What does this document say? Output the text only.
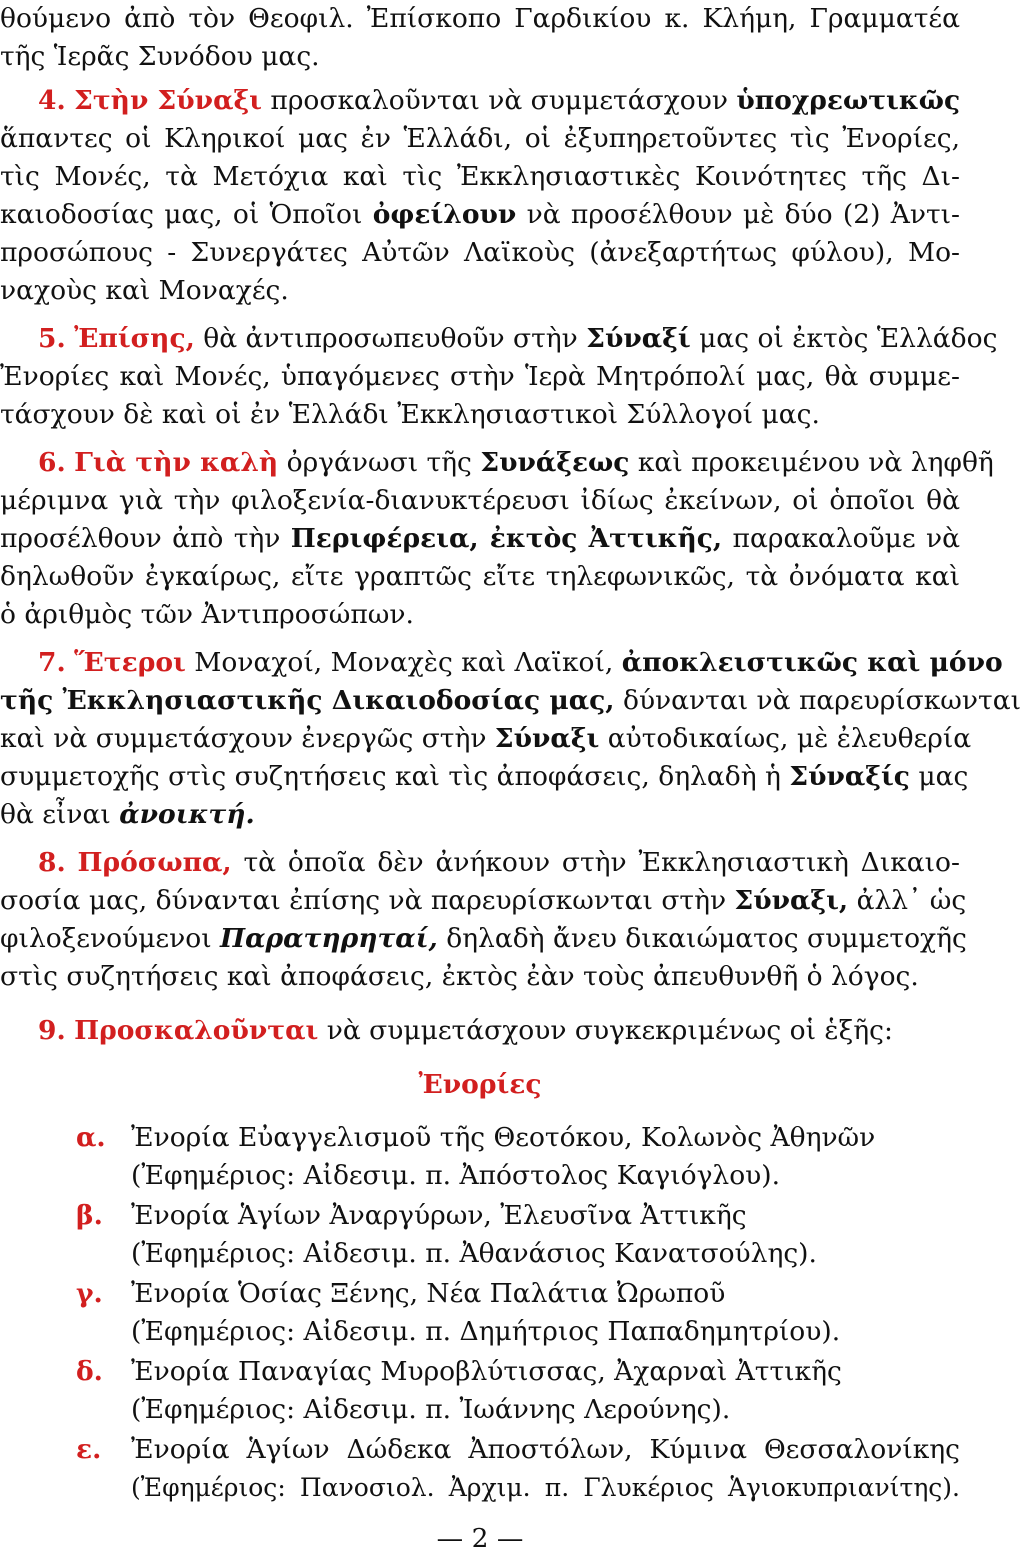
θούμενο ἀπὸ τὸν Θεοφιλ. Ἐπίσκοπο Γαρδικίου κ. Κλήμη, Γραμματέα
τῆς Ἱερᾶς Συνόδου μας.
4. Στὴν Σύναξι προσκαλοῦνται νὰ συμμετάσχουν ὑποχρεωτικῶς
ἅπαντες οἱ Κληρικοί μας ἐν Ἑλλάδι, οἱ ἐξυπηρετοῦντες τὶς Ἐνορίες,
τὶς Μονές, τὰ Μετόχια καὶ τὶς Ἐκκλησιαστικὲς Κοινότητες τῆς Δι-
καιοδοσίας μας, οἱ Ὁποῖοι ὀφείλουν νὰ προσέλθουν μὲ δύο (2) Ἀντι-
προσώπους - Συνεργάτες Αὐτῶν Λαϊκοὺς (ἀνεξαρτήτως φύλου), Μο-
ναχοὺς καὶ Μοναχές.
5. Ἐπίσης, θὰ ἀντιπροσωπευθοῦν στὴν Σύναξί μας οἱ ἐκτὸς Ἑλλάδος
Ἐνορίες καὶ Μονές, ὑπαγόμενες στὴν Ἱερὰ Μητρόπολί μας, θὰ συμμε-
τάσχουν δὲ καὶ οἱ ἐν Ἑλλάδι Ἐκκλησιαστικοὶ Σύλλογοί μας.
6. Γιὰ τὴν καλὴ ὀργάνωσι τῆς Συνάξεως καὶ προκειμένου νὰ ληφθῆ
μέριμνα γιὰ τὴν φιλοξενία-διανυκτέρευσι ἰδίως ἐκείνων, οἱ ὁποῖοι θὰ
προσέλθουν ἀπὸ τὴν Περιφέρεια, ἐκτὸς Ἀττικῆς, παρακαλοῦμε νὰ
δηλωθοῦν ἐγκαίρως, εἴτε γραπτῶς εἴτε τηλεφωνικῶς, τὰ ὀνόματα καὶ
ὁ ἀριθμὸς τῶν Ἀντιπροσώπων.
7. Ἕτεροι Μοναχοί, Μοναχὲς καὶ Λαϊκοί, ἀποκλειστικῶς καὶ μόνο
τῆς Ἐκκλησιαστικῆς Δικαιοδοσίας μας, δύνανται νὰ παρευρίσκωνται
καὶ νὰ συμμετάσχουν ἐνεργῶς στὴν Σύναξι αὐτοδικαίως, μὲ ἐλευθερία
συμμετοχῆς στὶς συζητήσεις καὶ τὶς ἀποφάσεις, δηλαδὴ ἡ Σύναξίς μας
θὰ εἶναι ἀνοικτή.
8. Πρόσωπα, τὰ ὁποῖα δὲν ἀνήκουν στὴν Ἐκκλησιαστικὴ Δικαιο-
σοσία μας, δύνανται ἐπίσης νὰ παρευρίσκωνται στὴν Σύναξι, ἀλλ᾽ ὡς
φιλοξενούμενοι Παρατηρηταί, δηλαδὴ ἄνευ δικαιώματος συμμετοχῆς
στὶς συζητήσεις καὶ ἀποφάσεις, ἐκτὸς ἐὰν τοὺς ἀπευθυνθῆ ὁ λόγος.
9. Προσκαλοῦνται νὰ συμμετάσχουν συγκεκριμένως οἱ ἑξῆς:
Ἐνορίες
α. Ἐνορία Εὐαγγελισμοῦ τῆς Θεοτόκου, Κολωνὸς Ἀθηνῶν
(Ἐφημέριος: Αἰδεσιμ. π. Ἀπόστολος Καγιόγλου).
β. Ἐνορία Ἁγίων Ἀναργύρων, Ἐλευσῖνα Ἀττικῆς
(Ἐφημέριος: Αἰδεσιμ. π. Ἀθανάσιος Κανατσούλης).
γ. Ἐνορία Ὁσίας Ξένης, Νέα Παλάτια Ὠρωποῦ
(Ἐφημέριος: Αἰδεσιμ. π. Δημήτριος Παπαδημητρίου).
δ. Ἐνορία Παναγίας Μυροβλύτισσας, Ἀχαρναὶ Ἀττικῆς
(Ἐφημέριος: Αἰδεσιμ. π. Ἰωάννης Λερούνης).
ε. Ἐνορία Ἁγίων Δώδεκα Ἀποστόλων, Κύμινα Θεσσαλονίκης
(Ἐφημέριος: Πανοσιολ. Ἀρχιμ. π. Γλυκέριος Ἁγιοκυπριανίτης).
— 2 —
